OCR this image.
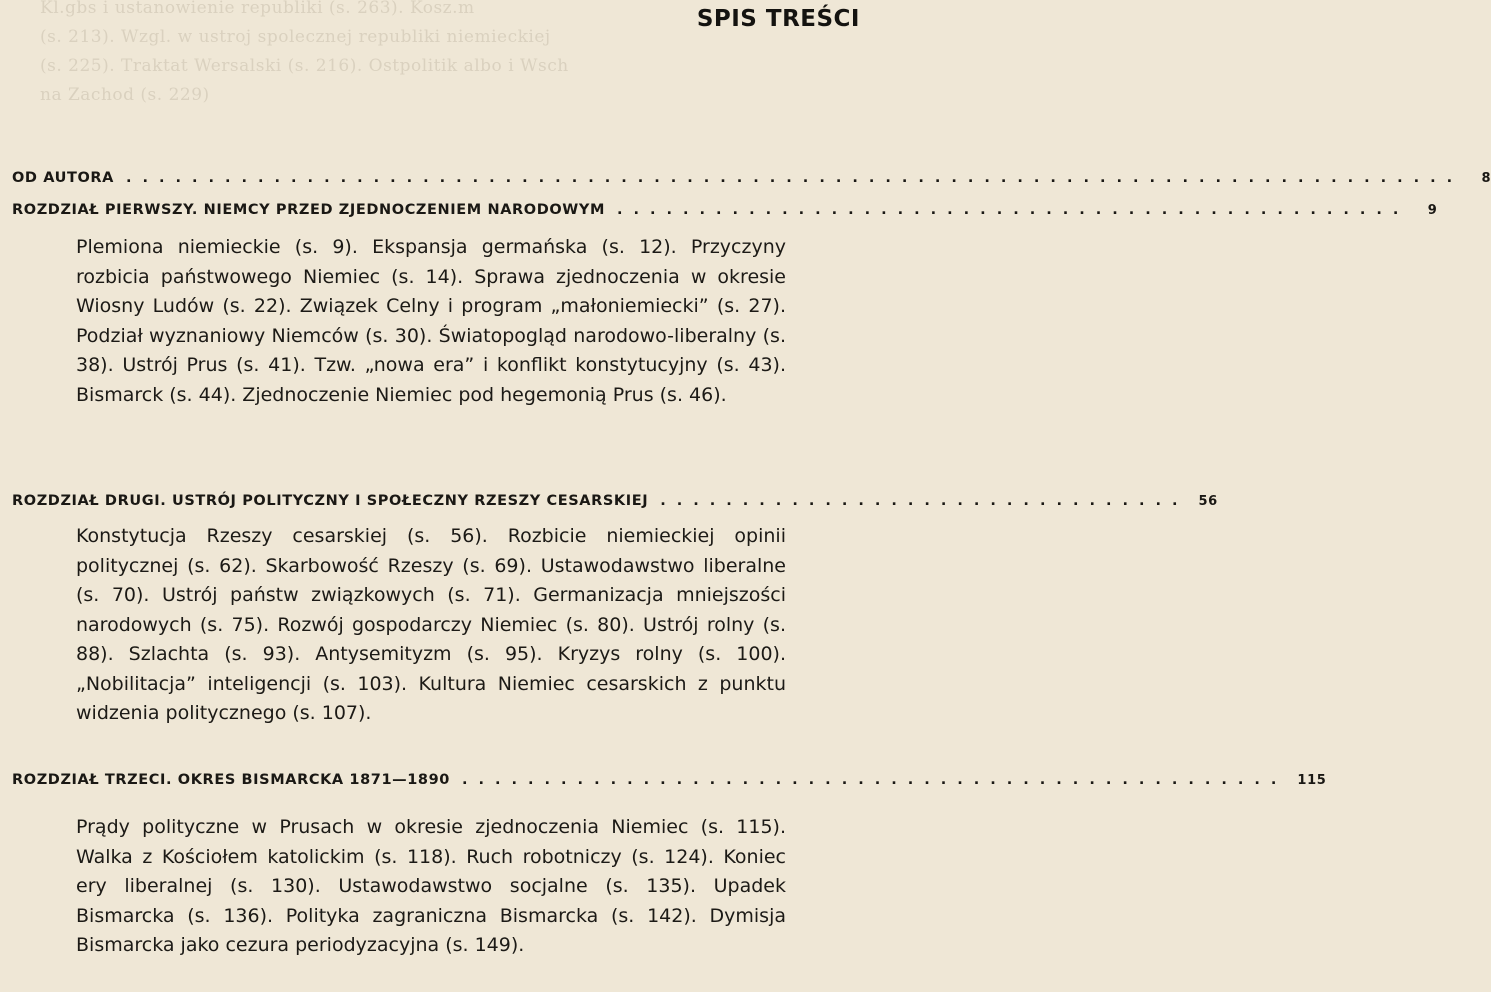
Kl.gbs i ustanowienie republiki (s. 263). Kosz.m
(s. 213). Wzgl. w ustroj spolecznej republiki niemieckiej
(s. 225). Traktat Wersalski (s. 216). Ostpolitik albo i Wsch
na Zachod (s. 229)
SPIS TREŚCI
OD AUTORA .................................................................................	8
ROZDZIAŁ PIERWSZY. NIEMCY PRZED ZJEDNOCZENIEM NARODOWYM ................................................	9
Plemiona niemieckie (s. 9). Ekspansja germańska (s. 12). Przyczyny rozbicia państwowego Niemiec (s. 14). Sprawa zjednoczenia w okresie Wiosny Ludów (s. 22). Związek Celny i program „małoniemiecki” (s. 27). Podział wyznaniowy Niemców (s. 30). Światopogląd narodowo-liberalny (s. 38). Ustrój Prus (s. 41). Tzw. „nowa era” i konflikt konstytucyjny (s. 43). Bismarck (s. 44). Zjednoczenie Niemiec pod hegemonią Prus (s. 46).
ROZDZIAŁ DRUGI. USTRÓJ POLITYCZNY I SPOŁECZNY RZESZY CESARSKIEJ ................................ 56
Konstytucja Rzeszy cesarskiej (s. 56). Rozbicie niemieckiej opinii politycznej (s. 62). Skarbowość Rzeszy (s. 69). Ustawodawstwo liberalne (s. 70). Ustrój państw związkowych (s. 71). Germanizacja mniejszości narodowych (s. 75). Rozwój gospodarczy Niemiec (s. 80). Ustrój rolny (s. 88). Szlachta (s. 93). Antysemityzm (s. 95). Kryzys rolny (s. 100). „Nobilitacja” inteligencji (s. 103). Kultura Niemiec cesarskich z punktu widzenia politycznego (s. 107).
ROZDZIAŁ TRZECI. OKRES BISMARCKA 1871—1890 .................................................. 115
Prądy polityczne w Prusach w okresie zjednoczenia Niemiec (s. 115). Walka z Kościołem katolickim (s. 118). Ruch robotniczy (s. 124). Koniec ery liberalnej (s. 130). Ustawodawstwo socjalne (s. 135). Upadek Bismarcka (s. 136). Polityka zagraniczna Bismarcka (s. 142). Dymisja Bismarcka jako cezura periodyzacyjna (s. 149).
